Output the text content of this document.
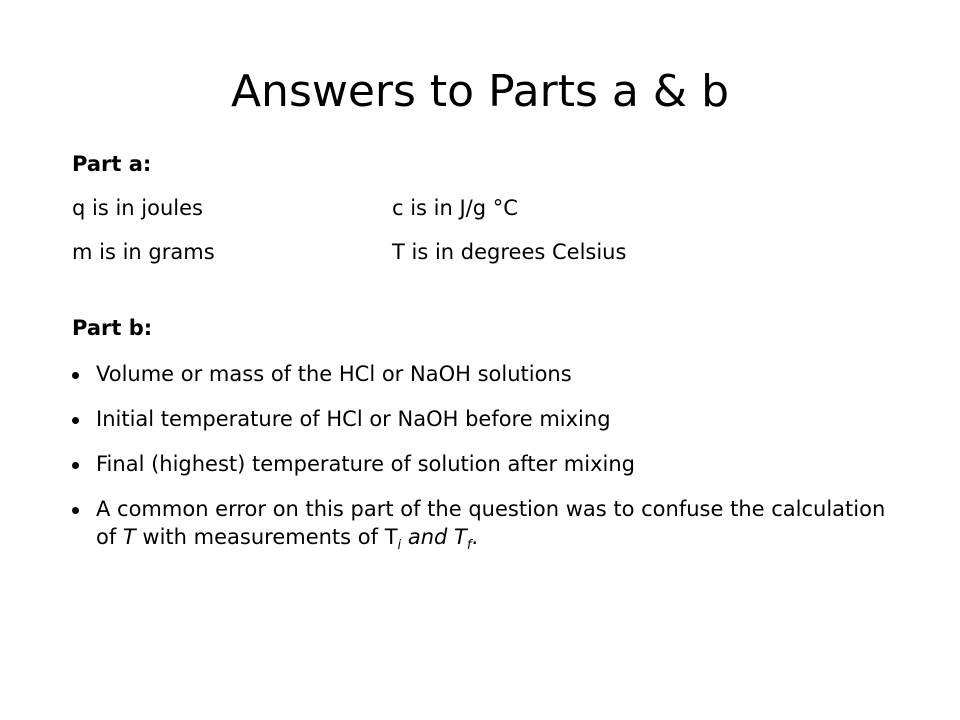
Answers to Parts a & b
Part a:
q is in joules	c is in J/g °C
m is in grams	T is in degrees Celsius
Part b:
Volume or mass of the HCl or NaOH solutions
Initial temperature of HCl or NaOH before mixing
Final (highest) temperature of solution after mixing
A common error on this part of the question was to confuse the calculation of T with measurements of $T_i$ and $T_f$.
